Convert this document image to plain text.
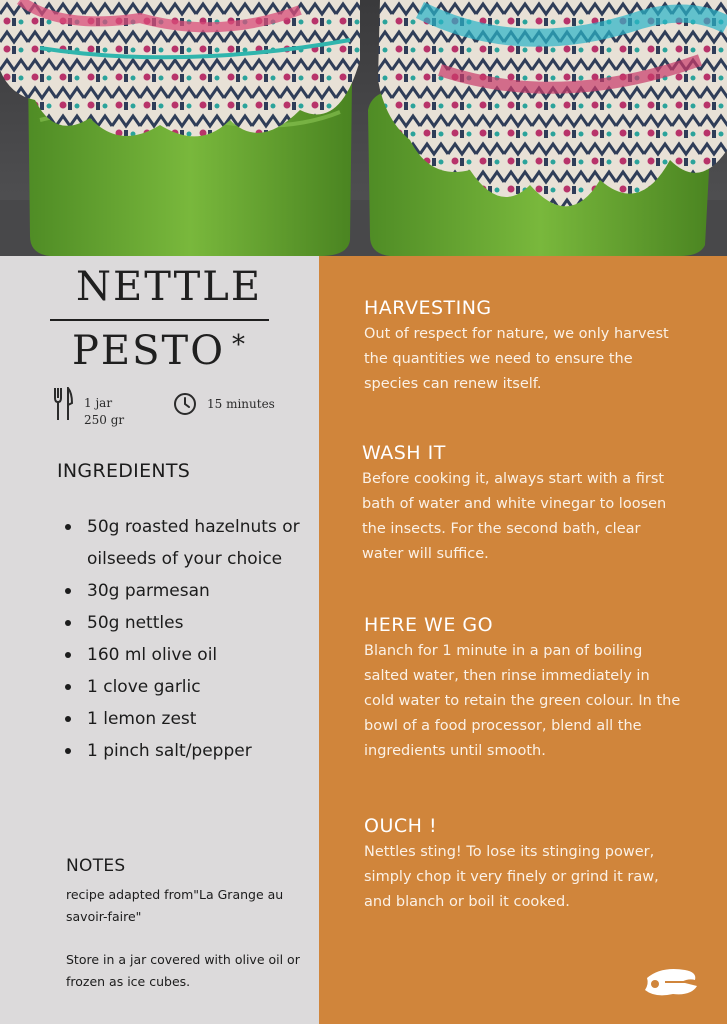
NETTLE
PESTO *
1 jar
250 gr
15 minutes
INGREDIENTS
50g roasted hazelnuts or oilseeds of your choice
30g parmesan
50g nettles
160 ml olive oil
1 clove garlic
1 lemon zest
1 pinch salt/pepper
NOTES

recipe adapted from"La Grange au savoir-faire"

Store in a jar covered with olive oil or frozen as ice cubes.

HARVESTING

Out of respect for nature, we only harvest the quantities we need to ensure the species can renew itself.

WASH IT

Before cooking it, always start with a first bath of water and white vinegar to loosen the insects. For the second bath, clear water will suffice.

HERE WE GO

Blanch for 1 minute in a pan of boiling salted water, then rinse immediately in cold water to retain the green colour. In the bowl of a food processor, blend all the ingredients until smooth.

OUCH !

Nettles sting! To lose its stinging power, simply chop it very finely or grind it raw, and blanch or boil it cooked.
